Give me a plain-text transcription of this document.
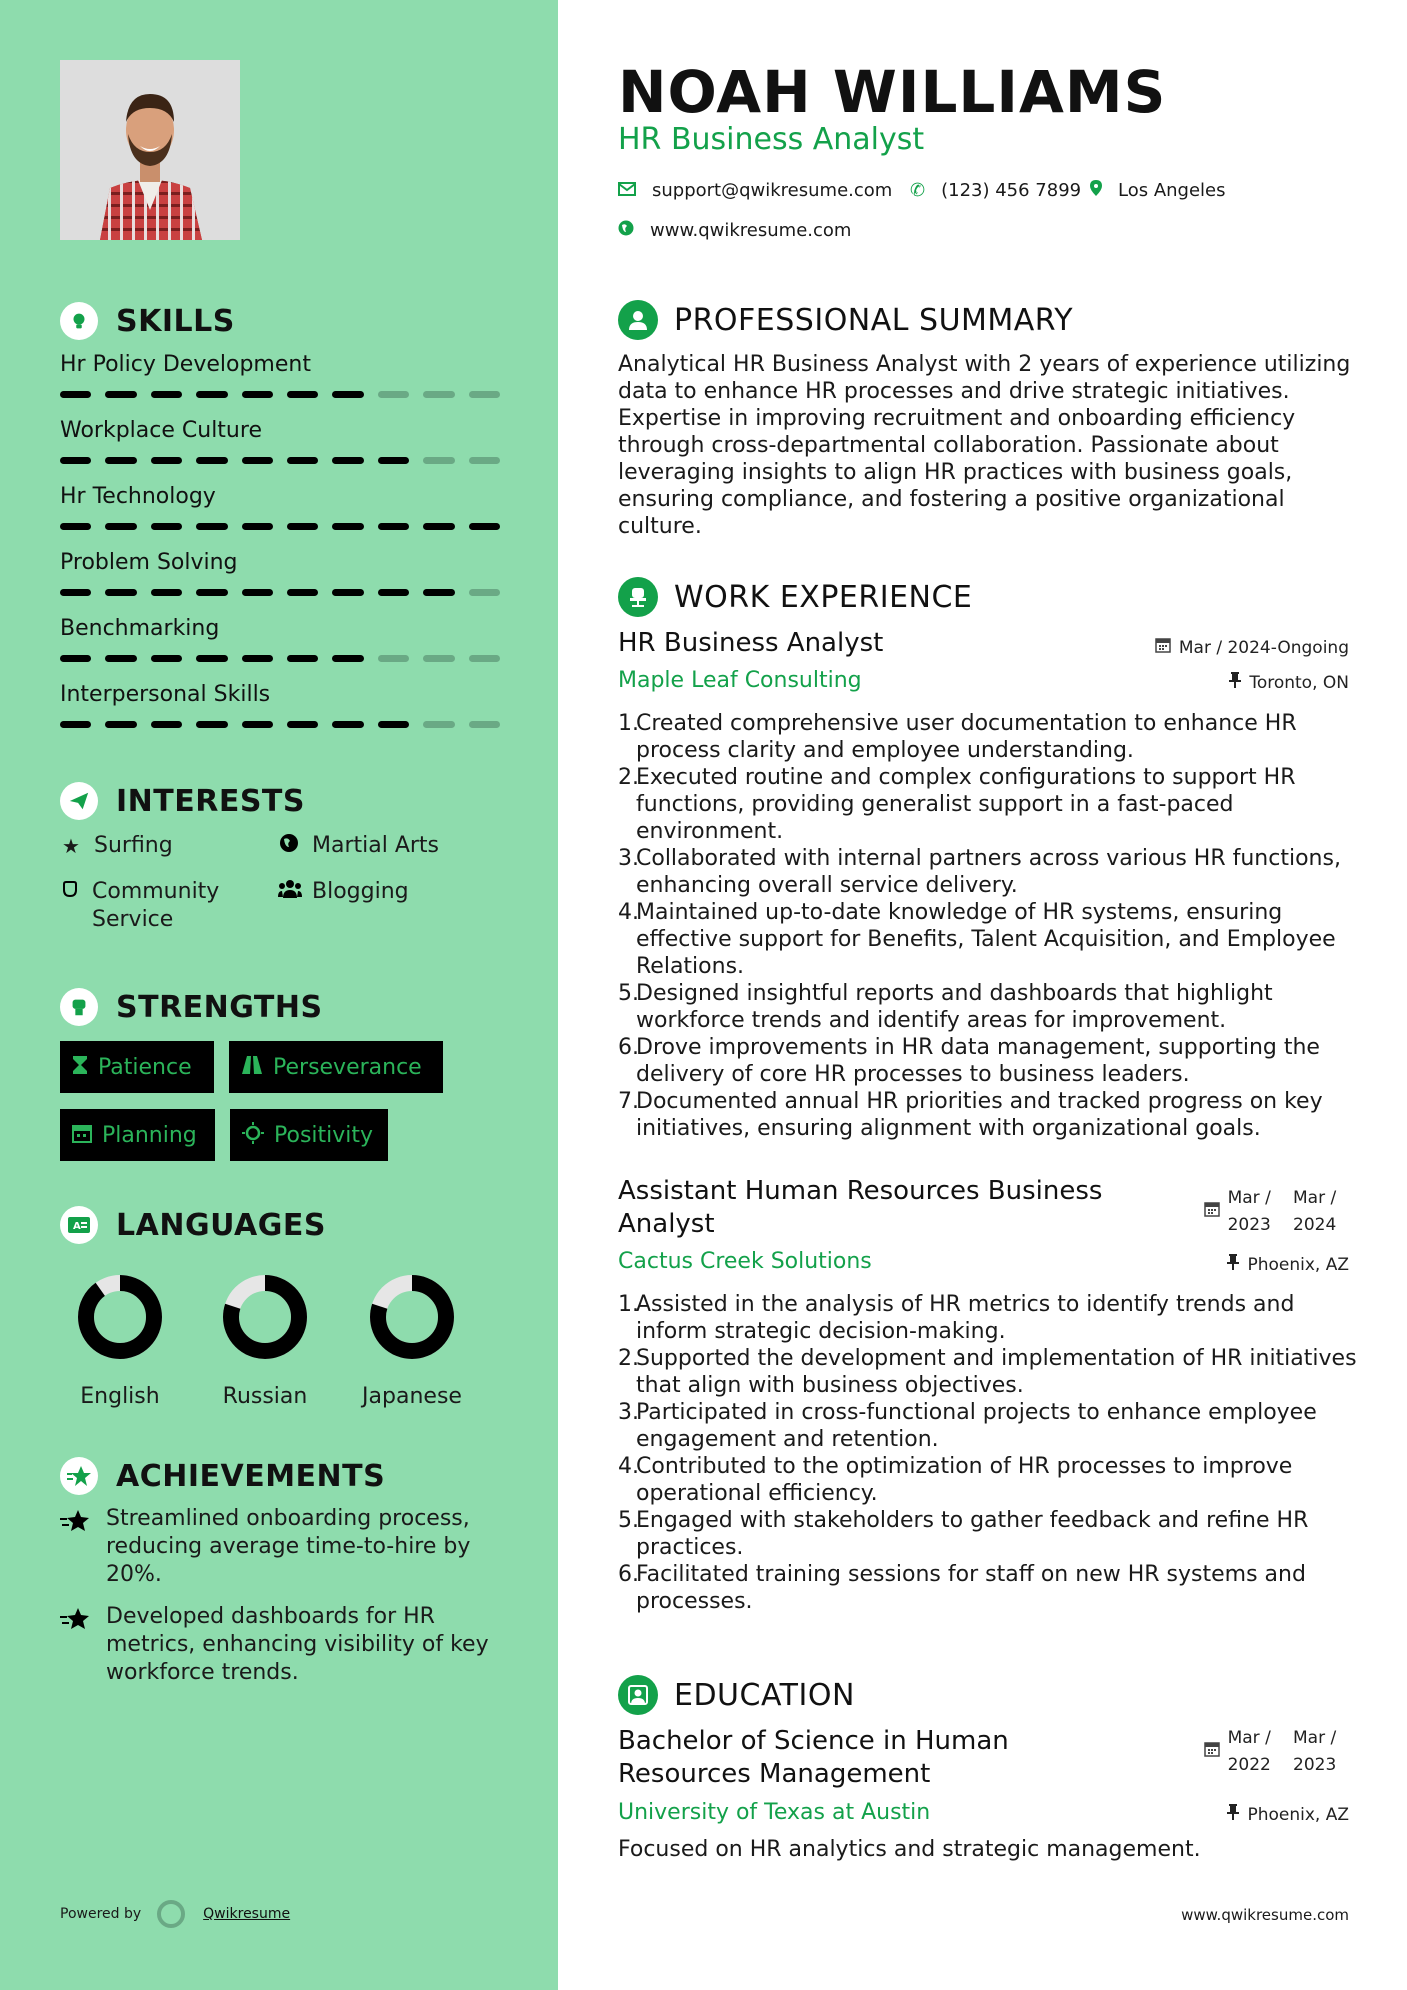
SKILLS
Hr Policy Development
Workplace Culture
Hr Technology
Problem Solving
Benchmarking
Interpersonal Skills
INTERESTS
★ Surfing	Martial Arts
Community Service
Blogging
STRENGTHS
Patience	Perseverance
Planning	Positivity
A LANGUAGES
English	Russian	Japanese
ACHIEVEMENTS
Streamlined onboarding process, reducing average time-to-hire by 20%.
Developed dashboards for HR metrics, enhancing visibility of key workforce trends.
Powered by	Qwikresume
NOAH WILLIAMS
HR Business Analyst
support@qwikresume.com ✆ (123) 456 7899 Los Angeles
www.qwikresume.com
PROFESSIONAL SUMMARY
Analytical HR Business Analyst with 2 years of experience utilizing data to enhance HR processes and drive strategic initiatives. Expertise in improving recruitment and onboarding efficiency through cross-departmental collaboration. Passionate about leveraging insights to align HR practices with business goals, ensuring compliance, and fostering a positive organizational culture.
WORK EXPERIENCE
HR Business Analyst	Mar / 2024-Ongoing
Maple Leaf Consulting	Toronto, ON
1.
Created comprehensive user documentation to enhance HR process clarity and employee understanding.
2.
Executed routine and complex configurations to support HR functions, providing generalist support in a fast-paced environment.
3.
Collaborated with internal partners across various HR functions, enhancing overall service delivery.
4.
Maintained up-to-date knowledge of HR systems, ensuring effective support for Benefits, Talent Acquisition, and Employee Relations.
5.
Designed insightful reports and dashboards that highlight workforce trends and identify areas for improvement.
6.
Drove improvements in HR data management, supporting the delivery of core HR processes to business leaders.
7.
Documented annual HR priorities and tracked progress on key initiatives, ensuring alignment with organizational goals.
Assistant Human Resources Business Analyst
Mar /
2023

Mar /
2024
Cactus Creek Solutions	Phoenix, AZ
1.
Assisted in the analysis of HR metrics to identify trends and inform strategic decision-making.
2.
Supported the development and implementation of HR initiatives that align with business objectives.
3.
Participated in cross-functional projects to enhance employee engagement and retention.
4.
Contributed to the optimization of HR processes to improve operational efficiency.
5.
Engaged with stakeholders to gather feedback and refine HR practices.
6.
Facilitated training sessions for staff on new HR systems and processes.
EDUCATION
Bachelor of Science in Human Resources Management
Mar /
2022

Mar /
2023
University of Texas at Austin	Phoenix, AZ
Focused on HR analytics and strategic management.
www.qwikresume.com
